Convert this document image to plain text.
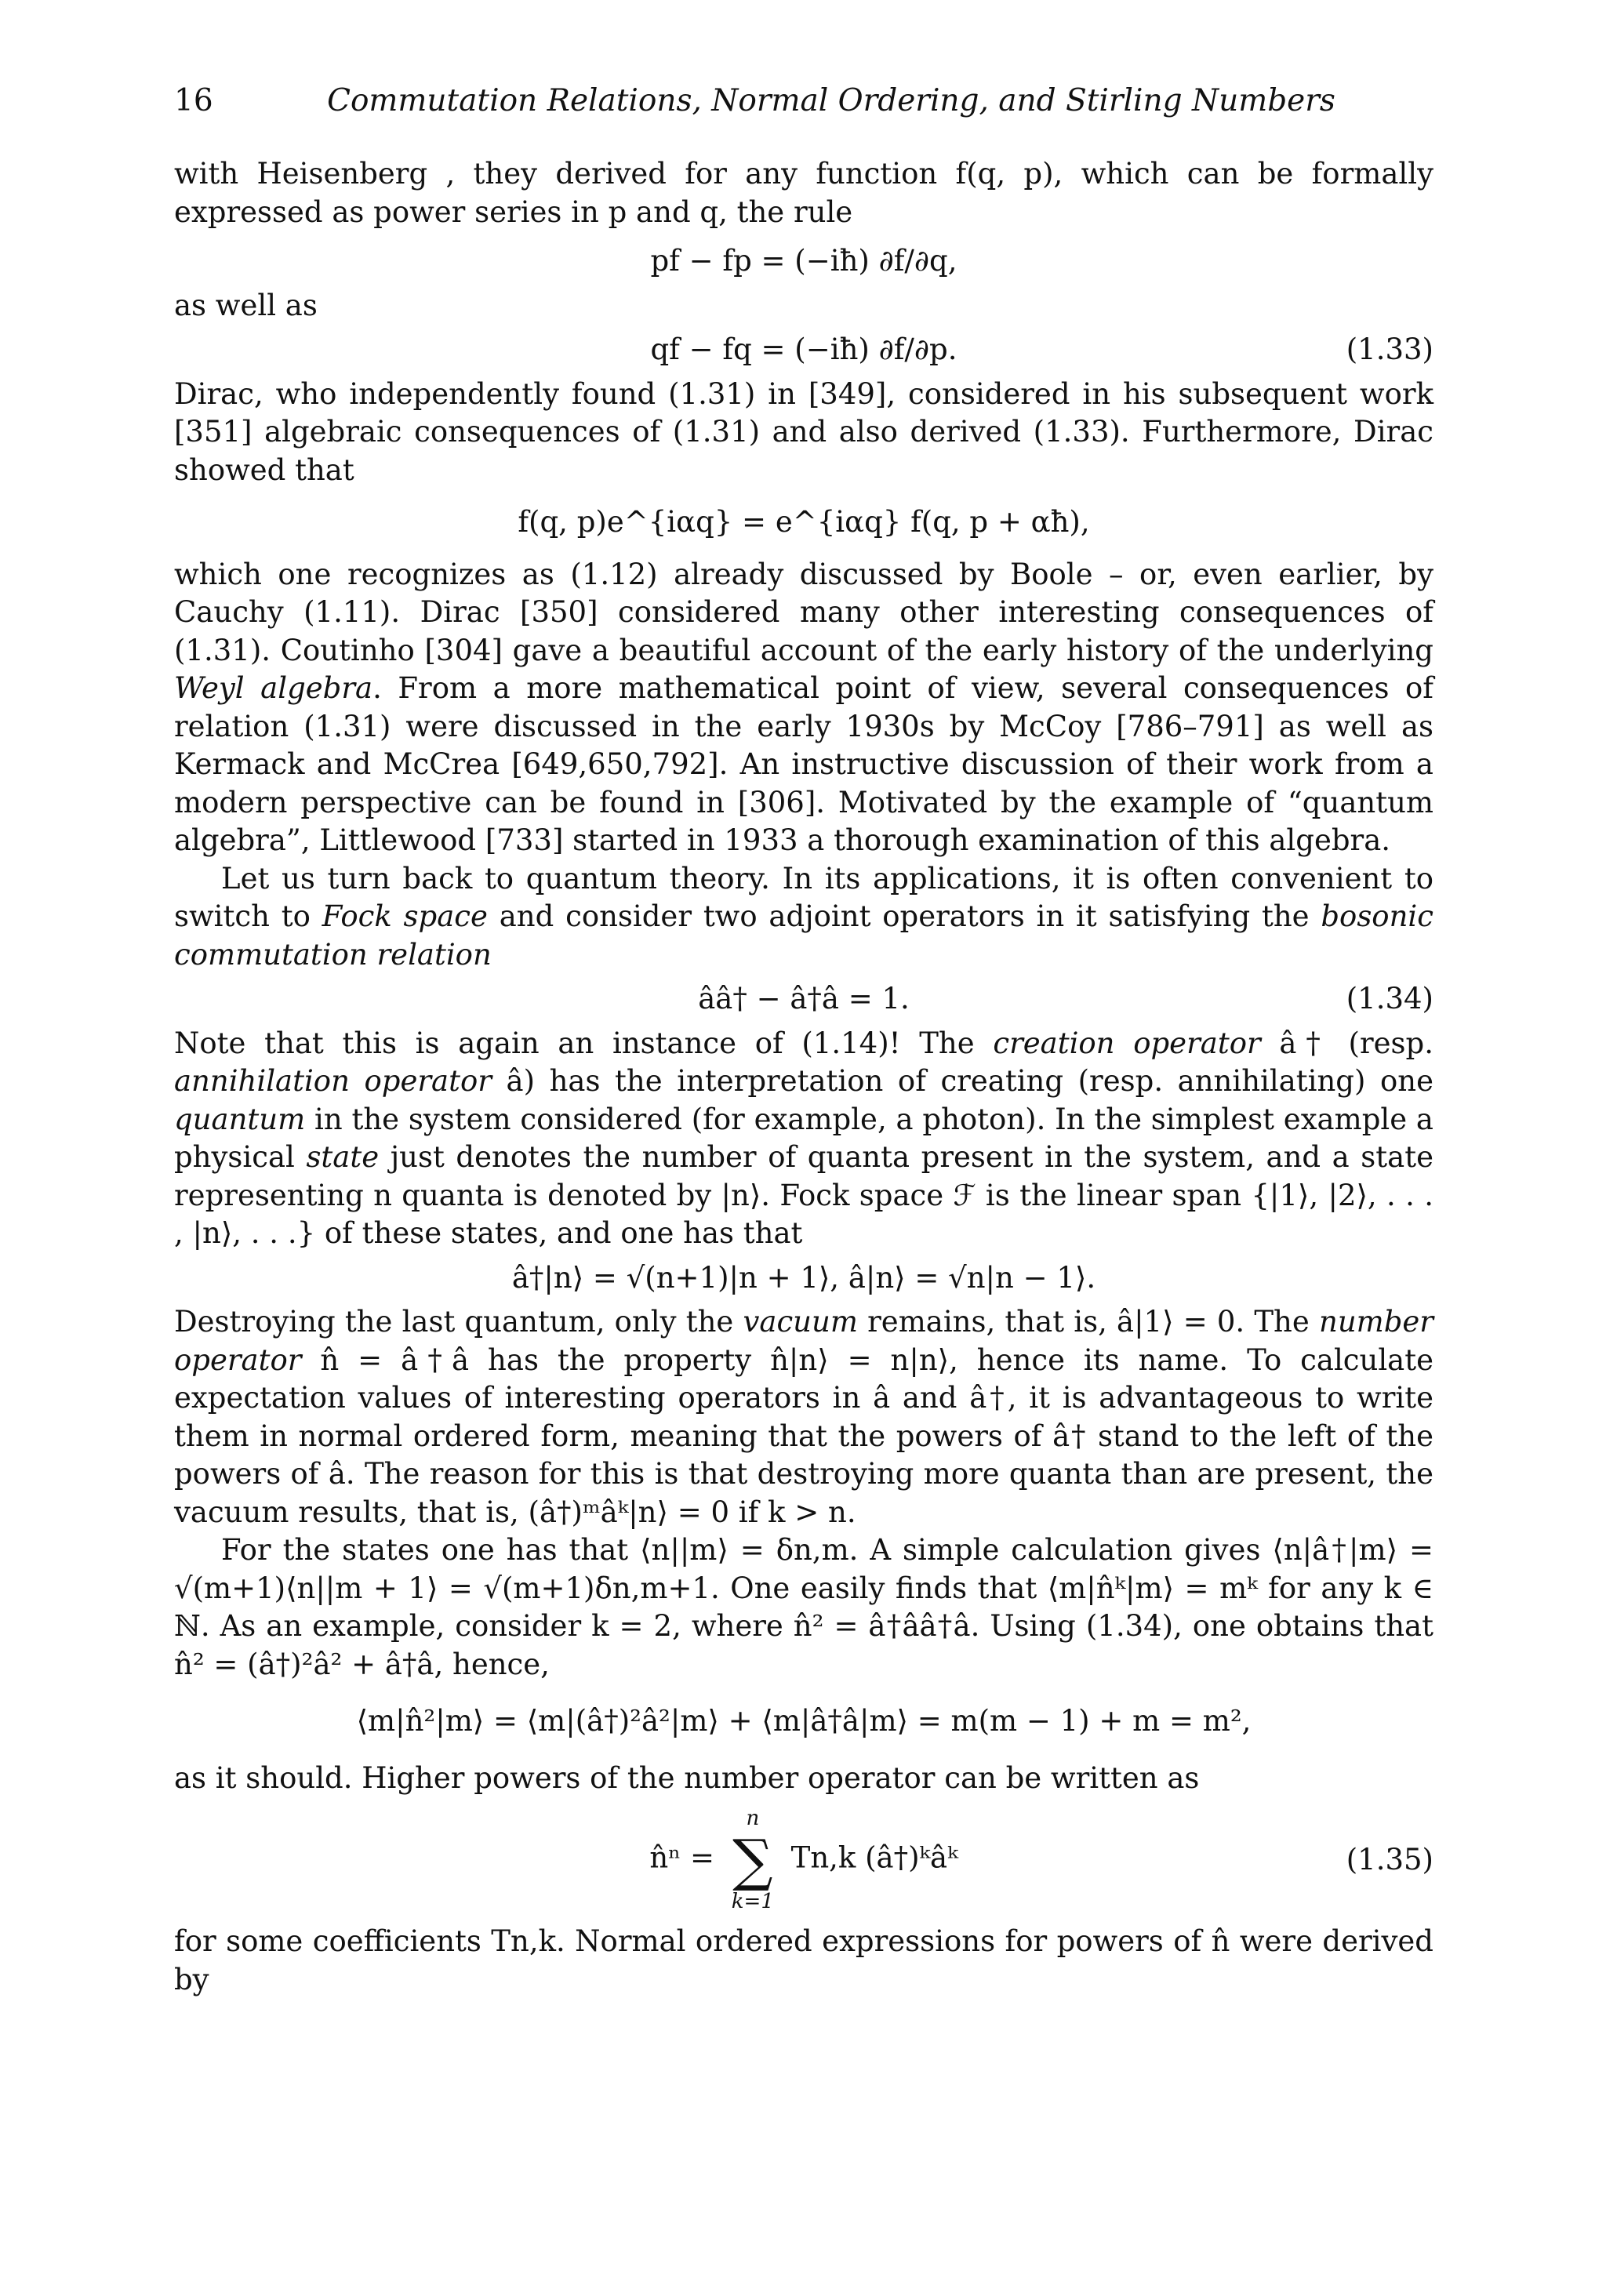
16	Commutation Relations, Normal Ordering, and Stirling Numbers

with Heisenberg , they derived for any function f(q, p), which can be formally expressed as power series in p and q, the rule

pf − fp = (−iħ) ∂f/∂q,

as well as

qf − fq = (−iħ) ∂f/∂p.	(1.33)

Dirac, who independently found (1.31) in [349], considered in his subsequent work [351] algebraic consequences of (1.31) and also derived (1.33). Furthermore, Dirac showed that

f(q, p)e^{iαq} = e^{iαq} f(q, p + αħ),

which one recognizes as (1.12) already discussed by Boole – or, even earlier, by Cauchy (1.11). Dirac [350] considered many other interesting consequences of (1.31). Coutinho [304] gave a beautiful account of the early history of the underlying Weyl algebra. From a more mathematical point of view, several consequences of relation (1.31) were discussed in the early 1930s by McCoy [786–791] as well as Kermack and McCrea [649,650,792]. An instructive discussion of their work from a modern perspective can be found in [306]. Motivated by the example of “quantum algebra”, Littlewood [733] started in 1933 a thorough examination of this algebra.

Let us turn back to quantum theory. In its applications, it is often convenient to switch to Fock space and consider two adjoint operators in it satisfying the bosonic commutation relation

ââ† − â†â = 1.	(1.34)

Note that this is again an instance of (1.14)! The creation operator â† (resp. annihilation operator â) has the interpretation of creating (resp. annihilating) one quantum in the system considered (for example, a photon). In the simplest example a physical state just denotes the number of quanta present in the system, and a state representing n quanta is denoted by |n⟩. Fock space ℱ is the linear span {|1⟩, |2⟩, . . . , |n⟩, . . .} of these states, and one has that

â†|n⟩ = √(n+1)|n + 1⟩, â|n⟩ = √n|n − 1⟩.

Destroying the last quantum, only the vacuum remains, that is, â|1⟩ = 0. The number operator n̂ = â†â has the property n̂|n⟩ = n|n⟩, hence its name. To calculate expectation values of interesting operators in â and â†, it is advantageous to write them in normal ordered form, meaning that the powers of â† stand to the left of the powers of â. The reason for this is that destroying more quanta than are present, the vacuum results, that is, (â†)ᵐâᵏ|n⟩ = 0 if k > n.

For the states one has that ⟨n||m⟩ = δn,m. A simple calculation gives ⟨n|â†|m⟩ = √(m+1)⟨n||m + 1⟩ = √(m+1)δn,m+1. One easily finds that ⟨m|n̂ᵏ|m⟩ = mᵏ for any k ∈ ℕ. As an example, consider k = 2, where n̂² = â†ââ†â. Using (1.34), one obtains that n̂² = (â†)²â² + â†â, hence,

⟨m|n̂²|m⟩ = ⟨m|(â†)²â²|m⟩ + ⟨m|â†â|m⟩ = m(m − 1) + m = m²,

as it should. Higher powers of the number operator can be written as

n̂ⁿ =
n
∑
k=1
Tn,k (â†)ᵏâᵏ	(1.35)

for some coefficients Tn,k. Normal ordered expressions for powers of n̂ were derived by
